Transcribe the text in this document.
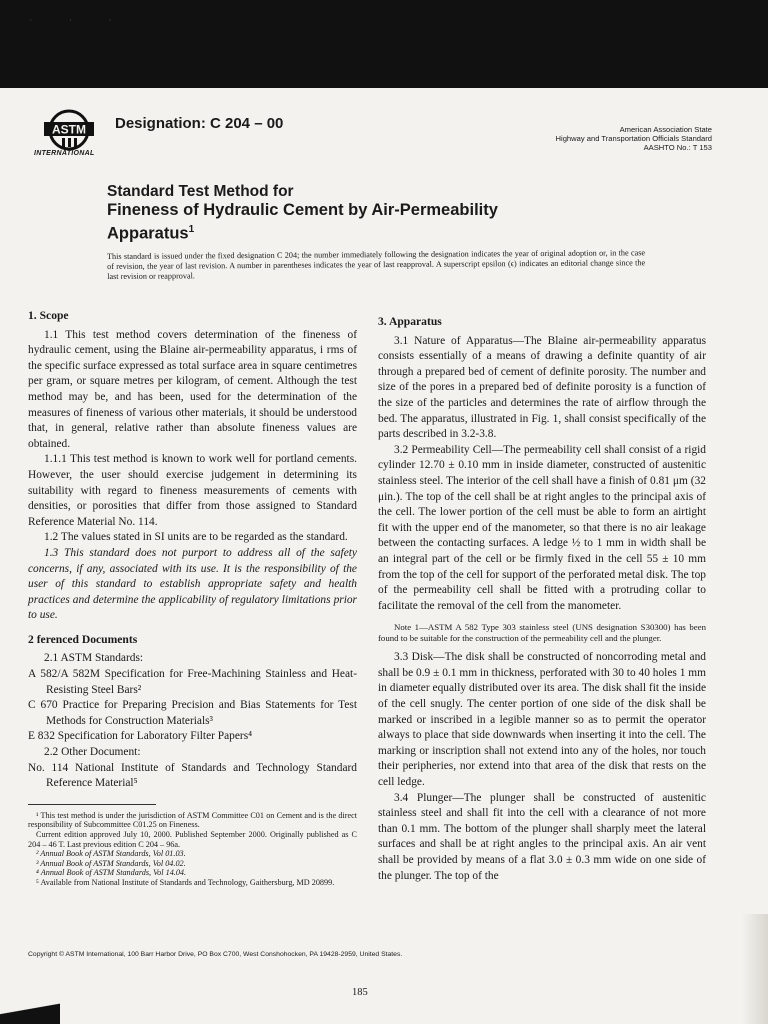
· · ·
ASTM
INTERNATIONAL
Designation: C 204 – 00	American Association State
Highway and Transportation Officials Standard
AASHTO No.: T 153
Standard Test Method for
Fineness of Hydraulic Cement by Air-Permeability
Apparatus$^1$
This standard is issued under the fixed designation C 204; the number immediately following the designation indicates the year of original adoption or, in the case of revision, the year of last revision. A number in parentheses indicates the year of last reapproval. A superscript epsilon (ϵ) indicates an editorial change since the last revision or reapproval.

1. Scope

1.1 This test method covers determination of the fineness of hydraulic cement, using the Blaine air-permeability apparatus, i rms of the specific surface expressed as total surface area in square centimetres per gram, or square metres per kilogram, of cement. Although the test method may be, and has been, used for the determination of the measures of fineness of various other materials, it should be understood that, in general, relative rather than absolute fineness values are obtained.

1.1.1 This test method is known to work well for portland cements. However, the user should exercise judgement in determining its suitability with regard to fineness measurements of cements with densities, or porosities that differ from those assigned to Standard Reference Material No. 114.

1.2 The values stated in SI units are to be regarded as the standard.

1.3 This standard does not purport to address all of the safety concerns, if any, associated with its use. It is the responsibility of the user of this standard to establish appropriate safety and health practices and determine the applicability of regulatory limitations prior to use.

2 ferenced Documents

2.1 ASTM Standards:

A 582/A 582M Specification for Free-Machining Stainless and Heat-Resisting Steel Bars²

C 670 Practice for Preparing Precision and Bias Statements for Test Methods for Construction Materials³

E 832 Specification for Laboratory Filter Papers⁴

2.2 Other Document:

No. 114 National Institute of Standards and Technology Standard Reference Material⁵

¹ This test method is under the jurisdiction of ASTM Committee C01 on Cement and is the direct responsibility of Subcommittee C01.25 on Fineness.

Current edition approved July 10, 2000. Published September 2000. Originally published as C 204 – 46 T. Last previous edition C 204 – 96a.

² Annual Book of ASTM Standards, Vol 01.03.

³ Annual Book of ASTM Standards, Vol 04.02.

⁴ Annual Book of ASTM Standards, Vol 14.04.

⁵ Available from National Institute of Standards and Technology, Gaithersburg, MD 20899.

3. Apparatus

3.1 Nature of Apparatus—The Blaine air-permeability apparatus consists essentially of a means of drawing a definite quantity of air through a prepared bed of cement of definite porosity. The number and size of the pores in a prepared bed of definite porosity is a function of the size of the particles and determines the rate of airflow through the bed. The apparatus, illustrated in Fig. 1, shall consist specifically of the parts described in 3.2-3.8.

3.2 Permeability Cell—The permeability cell shall consist of a rigid cylinder 12.70 ± 0.10 mm in inside diameter, constructed of austenitic stainless steel. The interior of the cell shall have a finish of 0.81 μm (32 μin.). The top of the cell shall be at right angles to the principal axis of the cell. The lower portion of the cell must be able to form an airtight fit with the upper end of the manometer, so that there is no air leakage between the contacting surfaces. A ledge ½ to 1 mm in width shall be an integral part of the cell or be firmly fixed in the cell 55 ± 10 mm from the top of the cell for support of the perforated metal disk. The top of the permeability cell shall be fitted with a protruding collar to facilitate the removal of the cell from the manometer.

Note 1—ASTM A 582 Type 303 stainless steel (UNS designation S30300) has been found to be suitable for the construction of the permeability cell and the plunger.

3.3 Disk—The disk shall be constructed of noncorroding metal and shall be 0.9 ± 0.1 mm in thickness, perforated with 30 to 40 holes 1 mm in diameter equally distributed over its area. The disk shall fit the inside of the cell snugly. The center portion of one side of the disk shall be marked or inscribed in a legible manner so as to permit the operator always to place that side downwards when inserting it into the cell. The marking or inscription shall not extend into any of the holes, nor touch their peripheries, nor extend into that area of the disk that rests on the cell ledge.

3.4 Plunger—The plunger shall be constructed of austenitic stainless steel and shall fit into the cell with a clearance of not more than 0.1 mm. The bottom of the plunger shall sharply meet the lateral surfaces and shall be at right angles to the principal axis. An air vent shall be provided by means of a flat 3.0 ± 0.3 mm wide on one side of the plunger. The top of the

Copyright © ASTM International, 100 Barr Harbor Drive, PO Box C700, West Conshohocken, PA 19428-2959, United States.
185
